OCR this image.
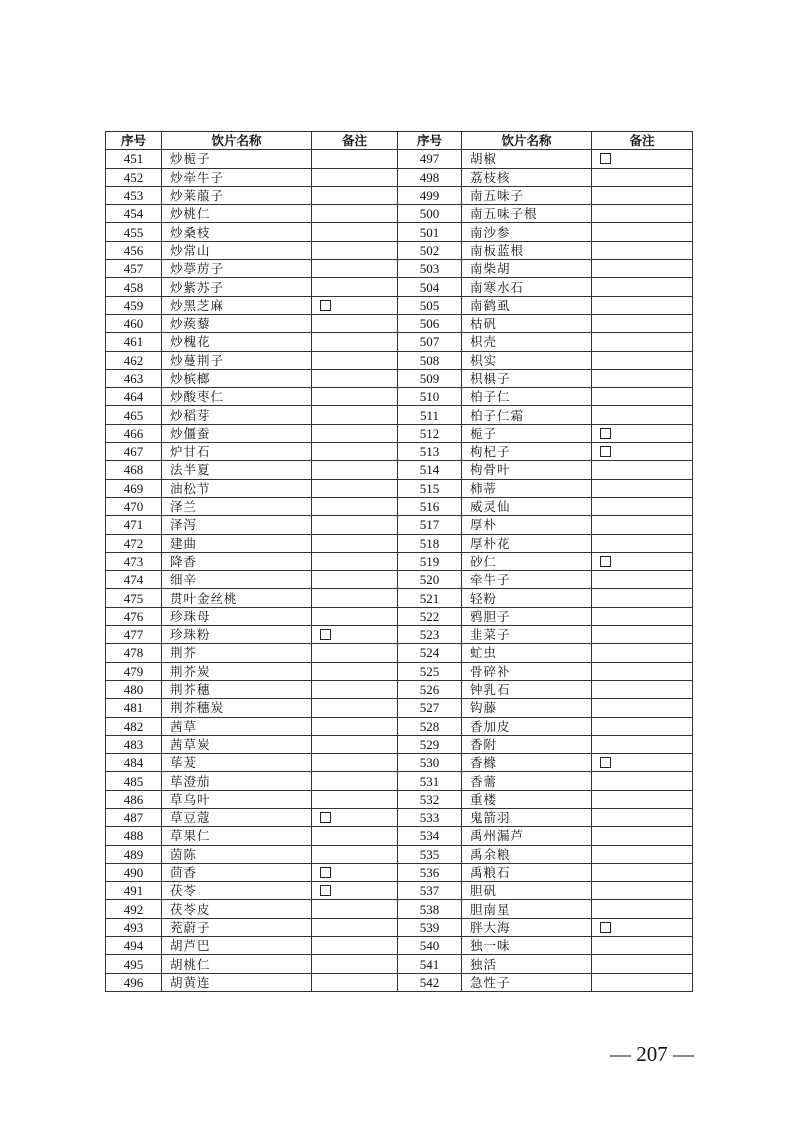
序号	饮片名称	备注	序号	饮片名称	备注
451	炒栀子		497	胡椒	
452	炒牵牛子		498	荔枝核	
453	炒莱菔子		499	南五味子	
454	炒桃仁		500	南五味子根	
455	炒桑枝		501	南沙参	
456	炒常山		502	南板蓝根	
457	炒葶苈子		503	南柴胡	
458	炒紫苏子		504	南寒水石	
459	炒黑芝麻		505	南鹤虱	
460	炒蒺藜		506	枯矾	
461	炒槐花		507	枳壳	
462	炒蔓荆子		508	枳实	
463	炒槟榔		509	枳椇子	
464	炒酸枣仁		510	柏子仁	
465	炒稻芽		511	柏子仁霜	
466	炒僵蚕		512	栀子	
467	炉甘石		513	枸杞子	
468	法半夏		514	枸骨叶	
469	油松节		515	柿蒂	
470	泽兰		516	威灵仙	
471	泽泻		517	厚朴	
472	建曲		518	厚朴花	
473	降香		519	砂仁	
474	细辛		520	牵牛子	
475	贯叶金丝桃		521	轻粉	
476	珍珠母		522	鸦胆子	
477	珍珠粉		523	韭菜子	
478	荆芥		524	虻虫	
479	荆芥炭		525	骨碎补	
480	荆芥穗		526	钟乳石	
481	荆芥穗炭		527	钩藤	
482	茜草		528	香加皮	
483	茜草炭		529	香附	
484	荜茇		530	香橼	
485	荜澄茄		531	香薷	
486	草乌叶		532	重楼	
487	草豆蔻		533	鬼箭羽	
488	草果仁		534	禹州漏芦	
489	茵陈		535	禹余粮	
490	茴香		536	禹粮石	
491	茯苓		537	胆矾	
492	茯苓皮		538	胆南星	
493	茺蔚子		539	胖大海	
494	胡芦巴		540	独一味	
495	胡桃仁		541	独活	
496	胡黄连		542	急性子	
— 207 —
